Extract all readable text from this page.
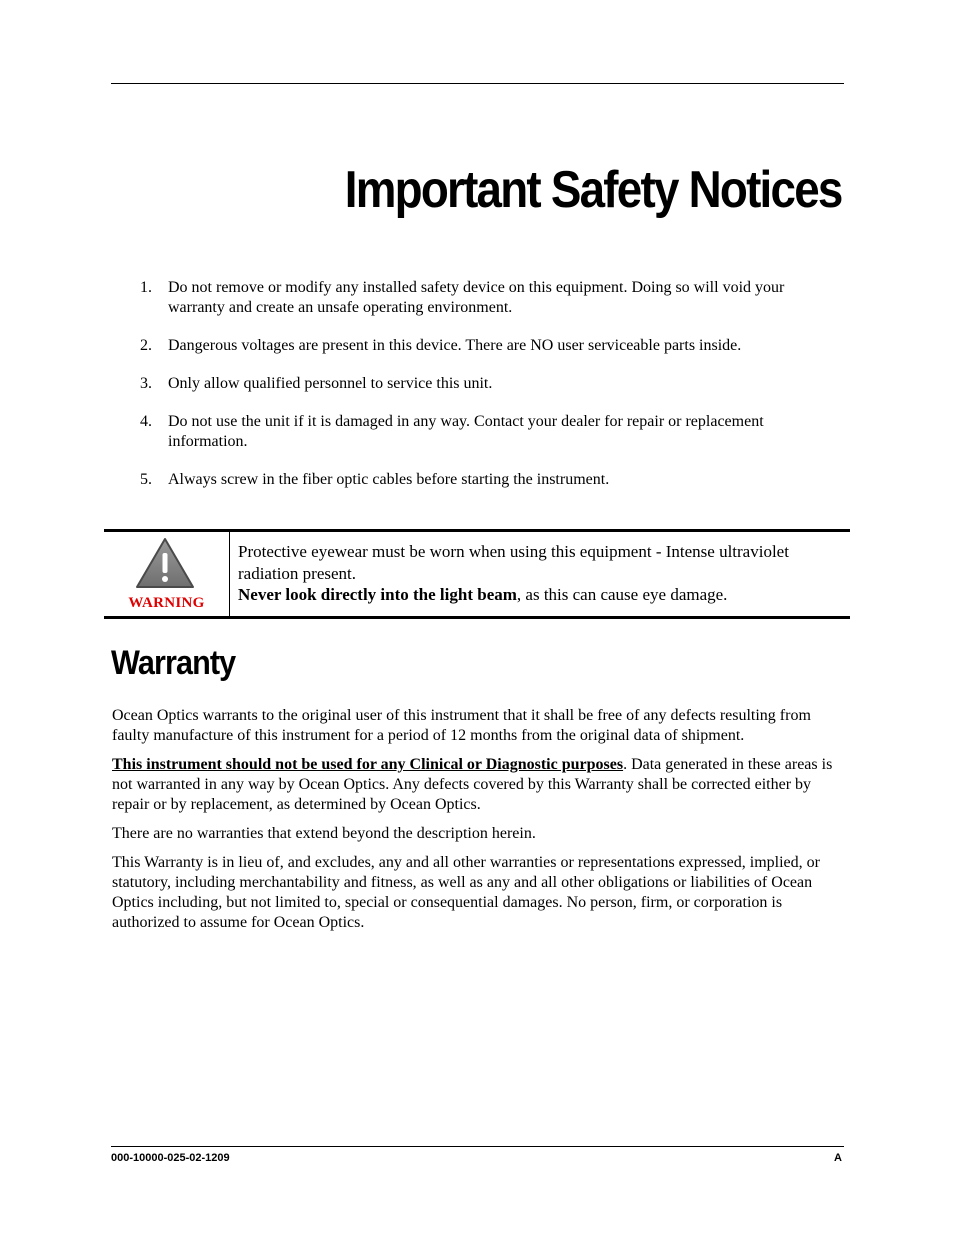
Important Safety Notices
1. Do not remove or modify any installed safety device on this equipment. Doing so will void your warranty and create an unsafe operating environment.
2. Dangerous voltages are present in this device. There are NO user serviceable parts inside.
3. Only allow qualified personnel to service this unit.
4. Do not use the unit if it is damaged in any way. Contact your dealer for repair or replacement information.
5. Always screw in the fiber optic cables before starting the instrument.
WARNING
Protective eyewear must be worn when using this equipment - Intense ultraviolet radiation present.
Never look directly into the light beam, as this can cause eye damage.
Warranty

Ocean Optics warrants to the original user of this instrument that it shall be free of any defects resulting from faulty manufacture of this instrument for a period of 12 months from the original data of shipment.

This instrument should not be used for any Clinical or Diagnostic purposes. Data generated in these areas is not warranted in any way by Ocean Optics. Any defects covered by this Warranty shall be corrected either by repair or by replacement, as determined by Ocean Optics.

There are no warranties that extend beyond the description herein.

This Warranty is in lieu of, and excludes, any and all other warranties or representations expressed, implied, or statutory, including merchantability and fitness, as well as any and all other obligations or liabilities of Ocean Optics including, but not limited to, special or consequential damages. No person, firm, or corporation is authorized to assume for Ocean Optics.

000-10000-025-02-1209	A
